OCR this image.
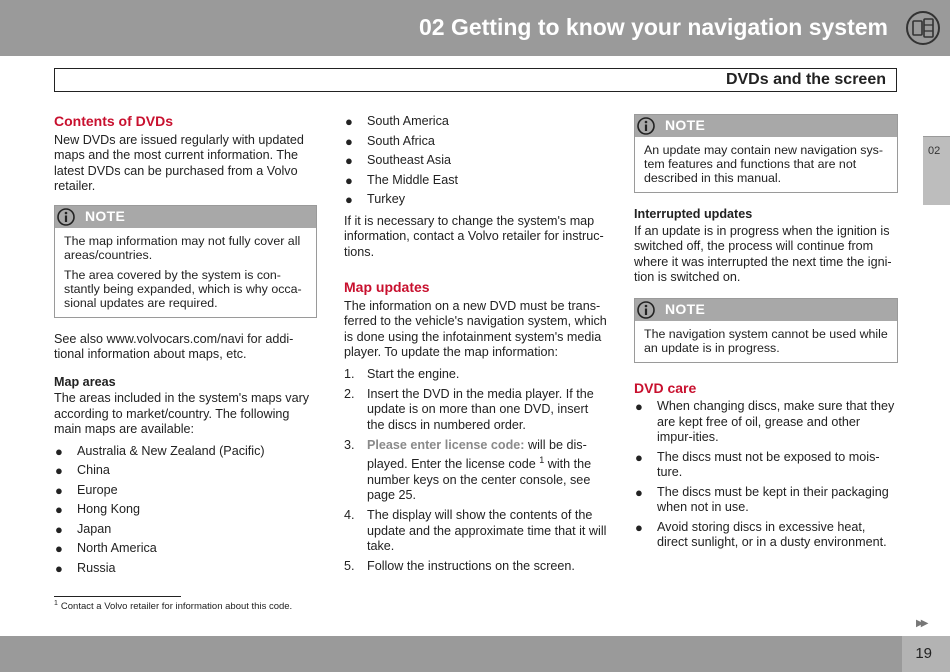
02 Getting to know your navigation system
DVDs and the screen
Contents of DVDs

New DVDs are issued regularly with updated maps and the most current information. The latest DVDs can be purchased from a Volvo retailer.

NOTE

The map information may not fully cover all areas/countries.

The area covered by the system is con-stantly being expanded, which is why occa-sional updates are required.

See also www.volvocars.com/navi for addi-tional information about maps, etc.

Map areas

The areas included in the system's maps vary according to market/country. The following main maps are available:

● Australia & New Zealand (Pacific)
● China
● Europe
● Hong Kong
● Japan
● North America
● Russia
● South America
● South Africa
● Southeast Asia
● The Middle East
● Turkey

If it is necessary to change the system's map information, contact a Volvo retailer for instruc-tions.

Map updates

The information on a new DVD must be trans-ferred to the vehicle's navigation system, which is done using the infotainment system's media player. To update the map information:

1. Start the engine.
2. Insert the DVD in the media player. If the update is on more than one DVD, insert the discs in numbered order.
3. Please enter license code: will be dis-played. Enter the license code $^1$ with the number keys on the center console, see page 25.
4. The display will show the contents of the update and the approximate time that it will take.
5. Follow the instructions on the screen.
NOTE

An update may contain new navigation sys-tem features and functions that are not described in this manual.

Interrupted updates

If an update is in progress when the ignition is switched off, the process will continue from where it was interrupted the next time the igni-tion is switched on.

NOTE

The navigation system cannot be used while an update is in progress.

DVD care
● When changing discs, make sure that they are kept free of oil, grease and other impur-ities.
● The discs must not be exposed to mois-ture.
● The discs must be kept in their packaging when not in use.
● Avoid storing discs in excessive heat, direct sunlight, or in a dusty environment.
02
$^1$ Contact a Volvo retailer for information about this code.
▶▶
19
